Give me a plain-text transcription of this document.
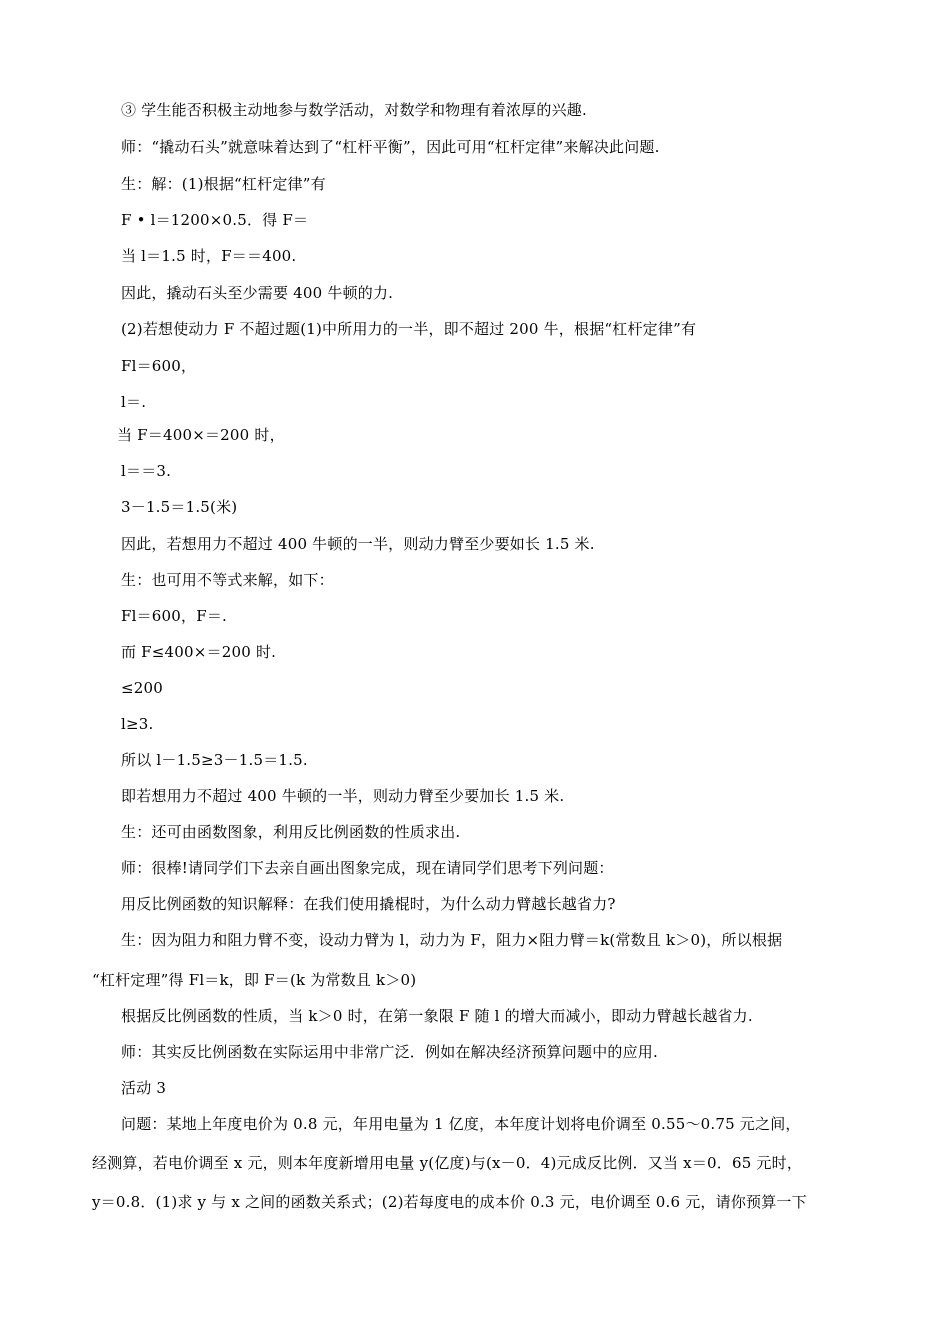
③ 学生能否积极主动地参与数学活动，对数学和物理有着浓厚的兴趣.
师：“撬动石头”就意味着达到了“杠杆平衡”，因此可用“杠杆定律”来解决此问题.
生：解：(1)根据“杠杆定律”有
F • l＝1200×0.5．得 F＝
当 l＝1.5 时，F＝＝400.
因此，撬动石头至少需要 400 牛顿的力.
(2)若想使动力 F 不超过题(1)中所用力的一半，即不超过 200 牛，根据“杠杆定律”有
Fl＝600，
l＝.
当 F＝400×＝200 时，
l＝＝3.
3－1.5＝1.5(米)
因此，若想用力不超过 400 牛顿的一半，则动力臂至少要如长 1.5 米.
生：也可用不等式来解，如下：
Fl＝600，F＝.
而 F≤400×＝200 时.
≤200
l≥3.
所以 l－1.5≥3－1.5＝1.5.
即若想用力不超过 400 牛顿的一半，则动力臂至少要加长 1.5 米.
生：还可由函数图象，利用反比例函数的性质求出.
师：很棒!请同学们下去亲自画出图象完成，现在请同学们思考下列问题：
用反比例函数的知识解释：在我们使用撬棍时，为什么动力臂越长越省力?
生：因为阻力和阻力臂不变，设动力臂为 l，动力为 F，阻力×阻力臂＝k(常数且 k＞0)，所以根据
“杠杆定理”得 Fl＝k，即 F＝(k 为常数且 k＞0)
根据反比例函数的性质，当 k＞0 时，在第一象限 F 随 l 的增大而减小，即动力臂越长越省力.
师：其实反比例函数在实际运用中非常广泛．例如在解决经济预算问题中的应用.
活动 3
问题：某地上年度电价为 0.8 元，年用电量为 1 亿度，本年度计划将电价调至 0.55～0.75 元之间，
经测算，若电价调至 x 元，则本年度新增用电量 y(亿度)与(x－0．4)元成反比例．又当 x＝0．65 元时，
y＝0.8．(1)求 y 与 x 之间的函数关系式；(2)若每度电的成本价 0.3 元，电价调至 0.6 元，请你预算一下
